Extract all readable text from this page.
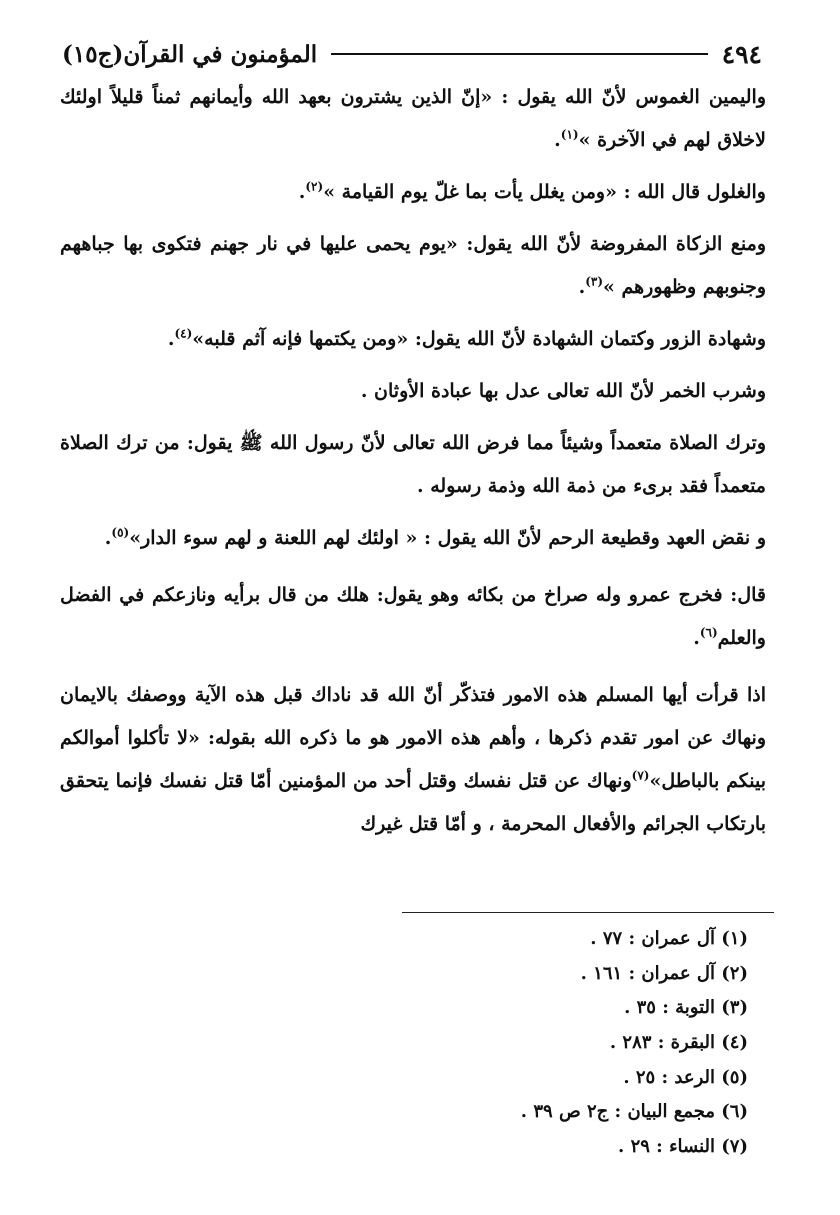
٤٩٤
المؤمنون في القرآن(ج١٥)

واليمين الغموس لأنّ الله يقول : «إنّ الذين يشترون بعهد الله وأيمانهم ثمناً قليلاً اولئك لاخلاق لهم في الآخرة »$^{(١)}$.

والغلول قال الله : «ومن يغلل يأت بما غلّ يوم القيامة »$^{(٢)}$.

ومنع الزكاة المفروضة لأنّ الله يقول: «يوم يحمى عليها في نار جهنم فتكوى بها جباههم وجنوبهم وظهورهم »$^{(٣)}$.

وشهادة الزور وكتمان الشهادة لأنّ الله يقول: «ومن يكتمها فإنه آثم قلبه»$^{(٤)}$.

وشرب الخمر لأنّ الله تعالى عدل بها عبادة الأوثان .

وترك الصلاة متعمداً وشيئاً مما فرض الله تعالى لأنّ رسول الله ﷺ يقول: من ترك الصلاة متعمداً فقد برىء من ذمة الله وذمة رسوله .

و نقض العهد وقطيعة الرحم لأنّ الله يقول : « اولئك لهم اللعنة و لهم سوء الدار»$^{(٥)}$.

قال: فخرج عمرو وله صراخ من بكائه وهو يقول: هلك من قال برأيه ونازعكم في الفضل والعلم$^{(٦)}$.

اذا قرأت أيها المسلم هذه الامور فتذكّر أنّ الله قد ناداك قبل هذه الآية ووصفك بالايمان ونهاك عن امور تقدم ذكرها ، وأهم هذه الامور هو ما ذكره الله بقوله: «لا تأكلوا أموالكم بينكم بالباطل»$^{(٧)}$ونهاك عن قتل نفسك وقتل أحد من المؤمنين أمّا قتل نفسك فإنما يتحقق بارتكاب الجرائم والأفعال المحرمة ، و أمّا قتل غيرك

(١) آل عمران : ٧٧ .
(٢) آل عمران : ١٦١ .
(٣) التوبة : ٣٥ .
(٤) البقرة : ٢٨٣ .
(٥) الرعد : ٢٥ .
(٦) مجمع البيان : ج٢ ص ٣٩ .
(٧) النساء : ٢٩ .
